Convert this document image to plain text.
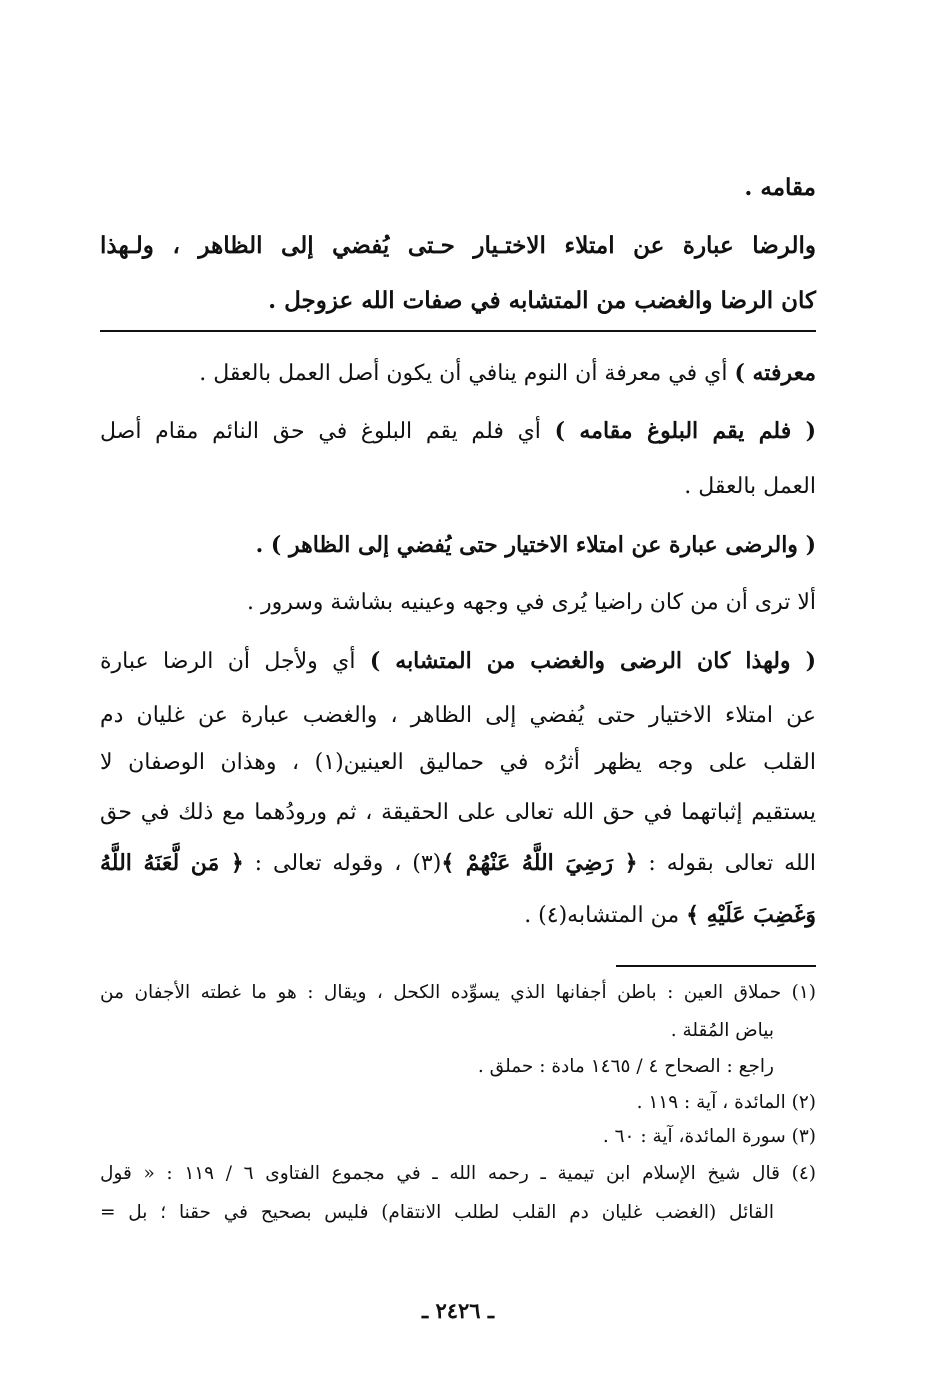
مقامه .
والرضا عبارة عن امتلاء الاختـيار حـتى يُفضي إلى الظاهر ، ولـهذا
كان الرضا والغضب من المتشابه في صفات الله عزوجل .
معرفته ) أي في معرفة أن النوم ينافي أن يكون أصل العمل بالعقل .
( فلم يقم البلوغ مقامه ) أي فلم يقم البلوغ في حق النائم مقام أصل
العمل بالعقل .
( والرضى عبارة عن امتلاء الاختيار حتى يُفضي إلى الظاهر ) .
ألا ترى أن من كان راضيا يُرى في وجهه وعينيه بشاشة وسرور .
( ولهذا كان الرضى والغضب من المتشابه ) أي ولأجل أن الرضا عبارة
عن امتلاء الاختيار حتى يُفضي إلى الظاهر ، والغضب عبارة عن غليان دم
القلب على وجه يظهر أثرُه في حماليق العينين(١) ، وهذان الوصفان لا
يستقيم إثباتهما في حق الله تعالى على الحقيقة ، ثم ورودُهما مع ذلك في حق
الله تعالى بقوله : ﴿ رَضِيَ اللَّهُ عَنْهُمْ ﴾(٣) ، وقوله تعالى : ﴿ مَن لَّعَنَهُ اللَّهُ
وَغَضِبَ عَلَيْهِ ﴾ من المتشابه(٤) .
(١) حملاق العين : باطن أجفانها الذي يسوِّده الكحل ، ويقال : هو ما غطته الأجفان من
بياض المُقلة .
راجع : الصحاح ٤ / ١٤٦٥ مادة : حملق .
(٢) المائدة ، آية : ١١٩ .
(٣) سورة المائدة، آية : ٦٠ .
(٤) قال شيخ الإسلام ابن تيمية ـ رحمه الله ـ في مجموع الفتاوى ٦ / ١١٩ : « قول
القائل (الغضب غليان دم القلب لطلب الانتقام) فليس بصحيح في حقنا ؛ بل =
ـ ٢٤٢٦ ـ
